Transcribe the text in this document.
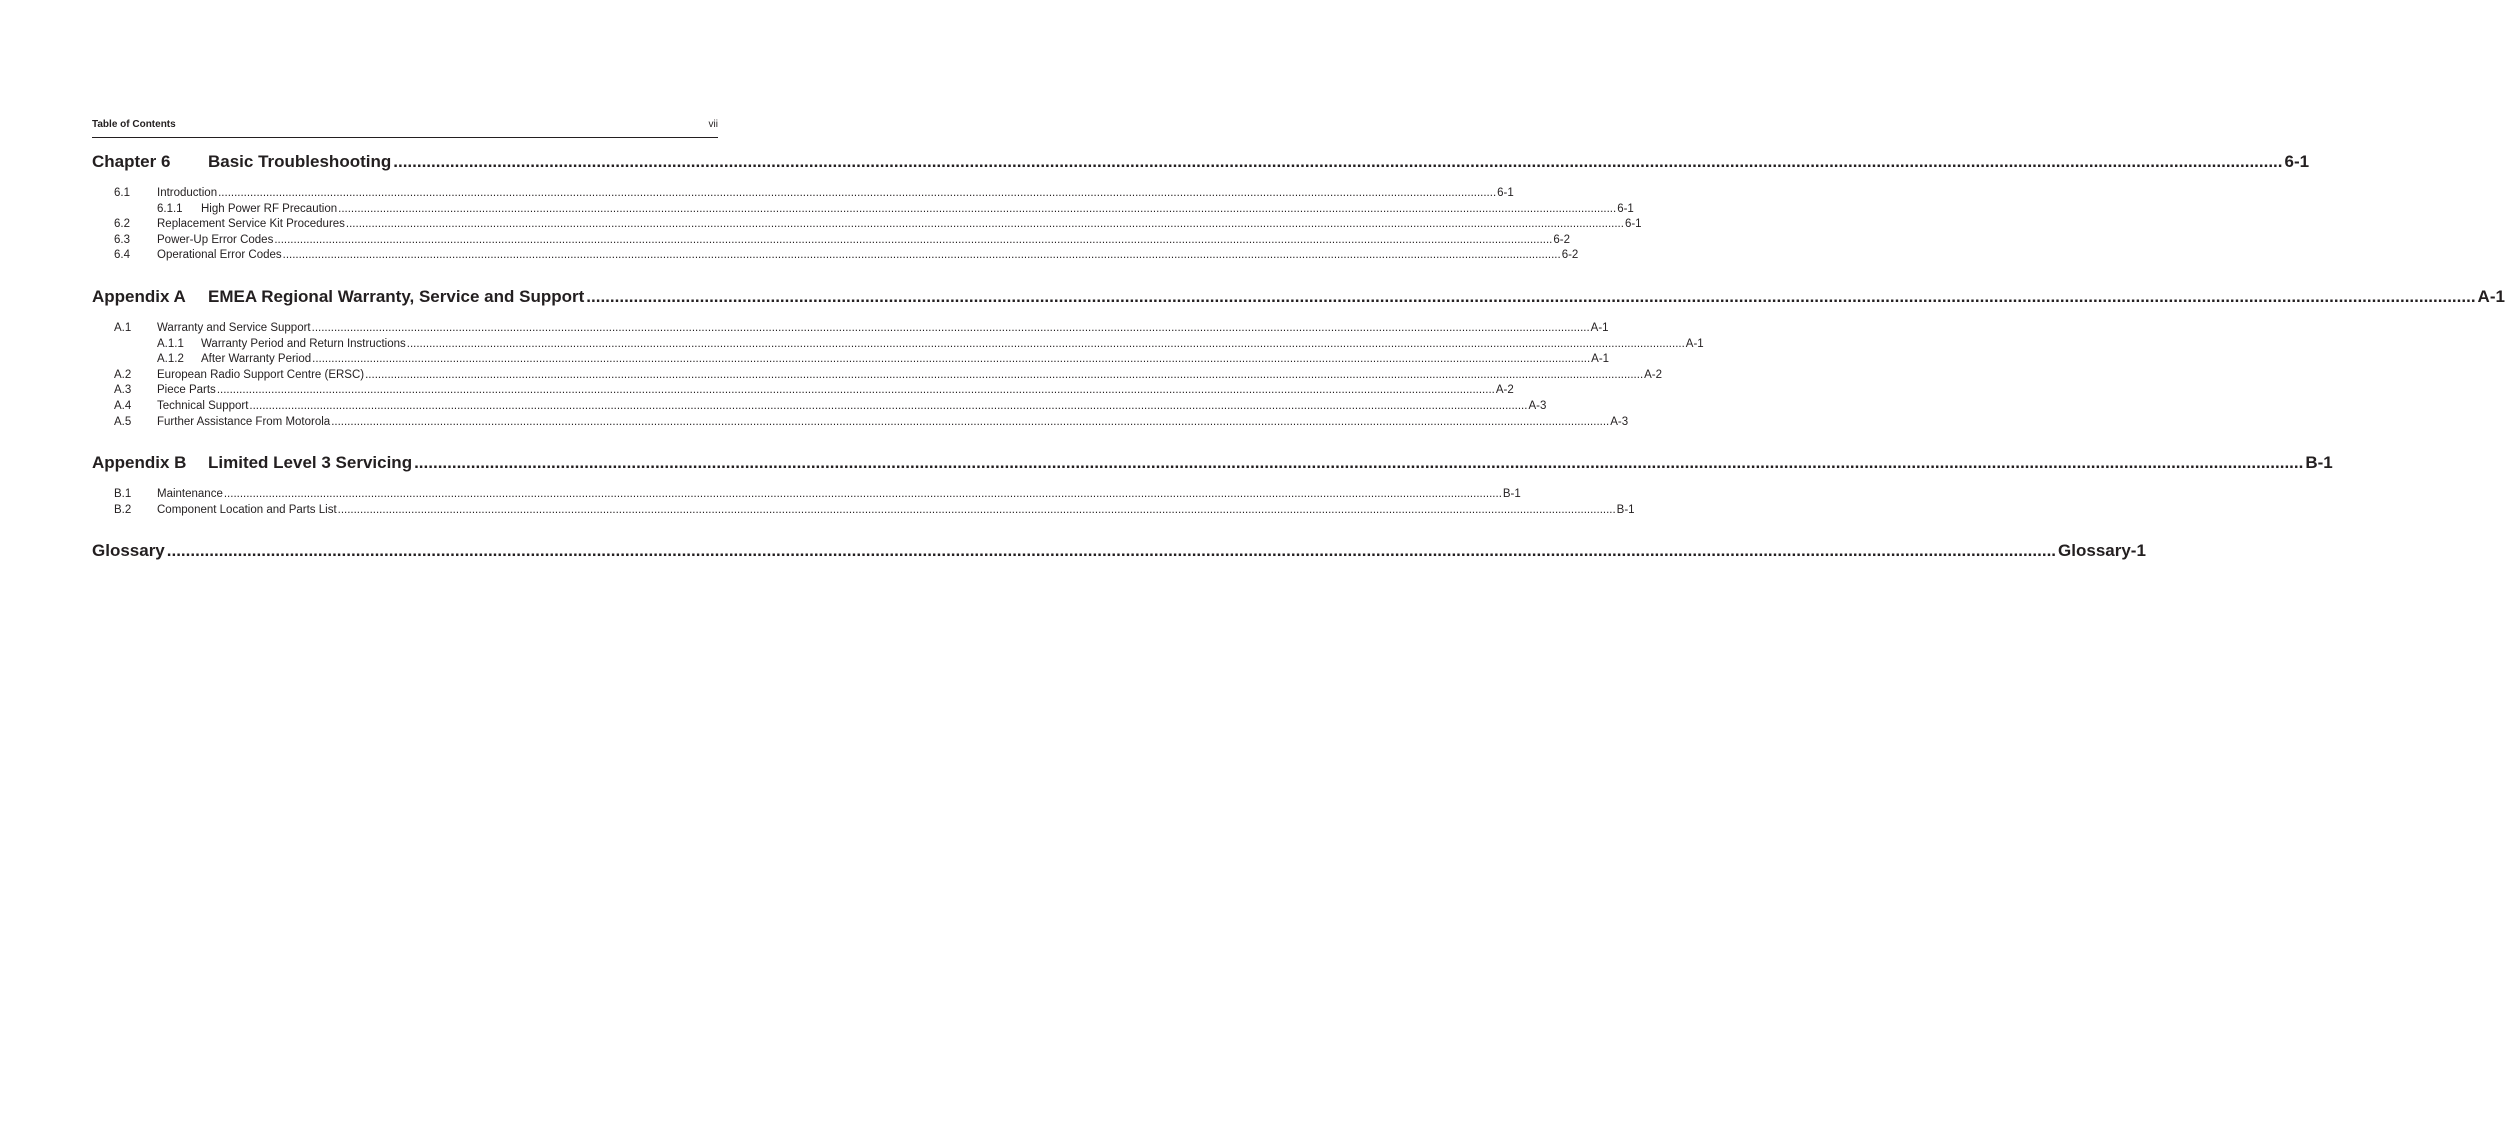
Table of Contents	vii
Chapter 6	Basic Troubleshooting ................................................................................................................................................................................................................................................................................................................................................................................................................ 6-1
6.1	Introduction ................................................................................................................................................................................................................................................................................................................................................................................................................ 6-1
6.1.1	High Power RF Precaution ................................................................................................................................................................................................................................................................................................................................................................................................................ 6-1
6.2	Replacement Service Kit Procedures ................................................................................................................................................................................................................................................................................................................................................................................................................ 6-1
6.3	Power-Up Error Codes ................................................................................................................................................................................................................................................................................................................................................................................................................ 6-2
6.4	Operational Error Codes ................................................................................................................................................................................................................................................................................................................................................................................................................ 6-2
Appendix A	EMEA Regional Warranty, Service and Support ................................................................................................................................................................................................................................................................................................................................................................................................................ A-1
A.1	Warranty and Service Support ................................................................................................................................................................................................................................................................................................................................................................................................................ A-1
A.1.1	Warranty Period and Return Instructions ................................................................................................................................................................................................................................................................................................................................................................................................................ A-1
A.1.2	After Warranty Period ................................................................................................................................................................................................................................................................................................................................................................................................................ A-1
A.2	European Radio Support Centre (ERSC) ................................................................................................................................................................................................................................................................................................................................................................................................................ A-2
A.3	Piece Parts ................................................................................................................................................................................................................................................................................................................................................................................................................ A-2
A.4	Technical Support ................................................................................................................................................................................................................................................................................................................................................................................................................ A-3
A.5	Further Assistance From Motorola ................................................................................................................................................................................................................................................................................................................................................................................................................ A-3
Appendix B	Limited Level 3 Servicing ................................................................................................................................................................................................................................................................................................................................................................................................................ B-1
B.1	Maintenance ................................................................................................................................................................................................................................................................................................................................................................................................................ B-1
B.2	Component Location and Parts List ................................................................................................................................................................................................................................................................................................................................................................................................................ B-1
Glossary ................................................................................................................................................................................................................................................................................................................................................................................................................ Glossary-1
